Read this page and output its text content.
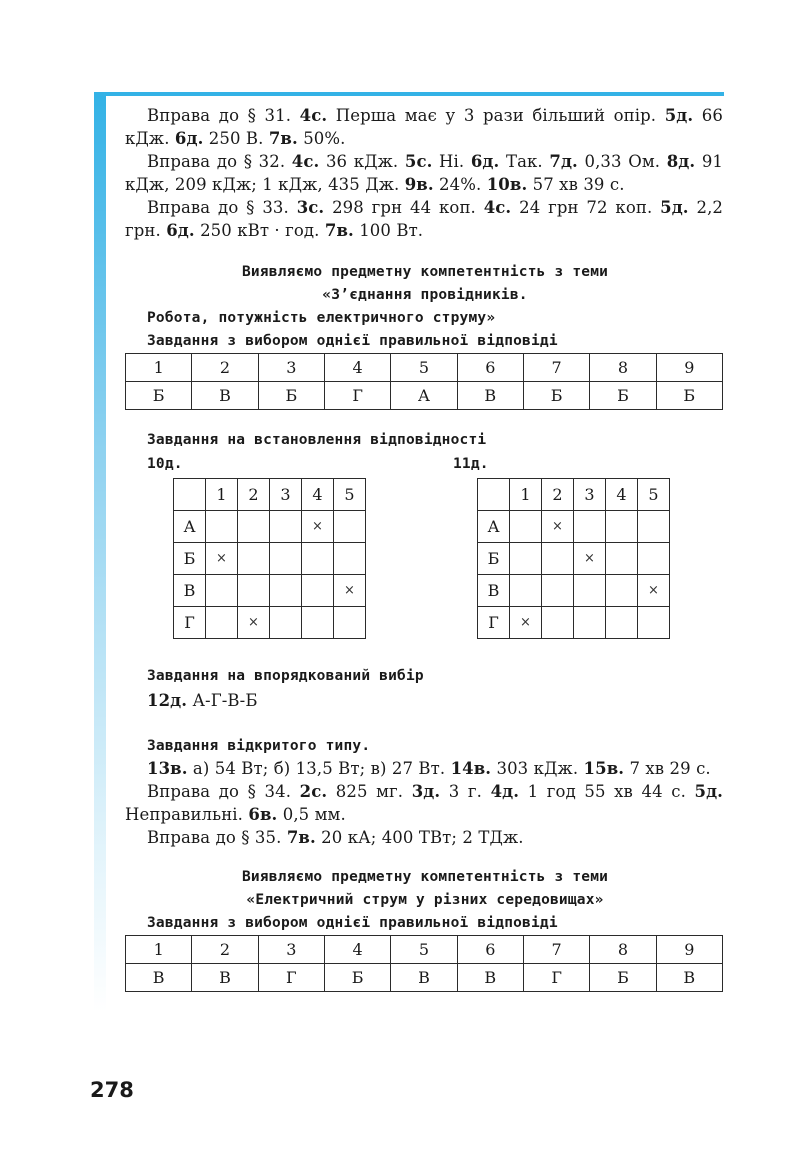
Вправа до § 31. 4с. Перша має у 3 рази більший опір. 5д. 66 кДж. 6д. 250 В. 7в. 50%.

Вправа до § 32. 4с. 36 кДж. 5с. Ні. 6д. Так. 7д. 0,33 Ом. 8д. 91 кДж, 209 кДж; 1 кДж, 435 Дж. 9в. 24%. 10в. 57 хв 39 с.

Вправа до § 33. 3с. 298 грн 44 коп. 4с. 24 грн 72 коп. 5д. 2,2 грн. 6д. 250 кВт · год. 7в. 100 Вт.

Виявляємо предметну компетентність з теми
«З’єднання провідників.
Робота, потужність електричного струму»
Завдання з вибором однієї правильної відповіді
1	2	3	4	5	6	7	8	9
Б	В	Б	Г	А	В	Б	Б	Б
Завдання на встановлення відповідності
10д.	11д.
	1	2	3	4	5
А				×	
Б	×				
В					×
Г		×			
	1	2	3	4	5
А		×			
Б			×		
В					×
Г	×				
Завдання на впорядкований вибір
12д. А-Г-В-Б
Завдання відкритого типу.

13в. а) 54 Вт; б) 13,5 Вт; в) 27 Вт. 14в. 303 кДж. 15в. 7 хв 29 с.

Вправа до § 34. 2с. 825 мг. 3д. 3 г. 4д. 1 год 55 хв 44 с. 5д. Неправильні. 6в. 0,5 мм.

Вправа до § 35. 7в. 20 кА; 400 ТВт; 2 ТДж.

Виявляємо предметну компетентність з теми
«Електричний струм у різних середовищах»
Завдання з вибором однієї правильної відповіді
1	2	3	4	5	6	7	8	9
В	В	Г	Б	В	В	Г	Б	В
278
